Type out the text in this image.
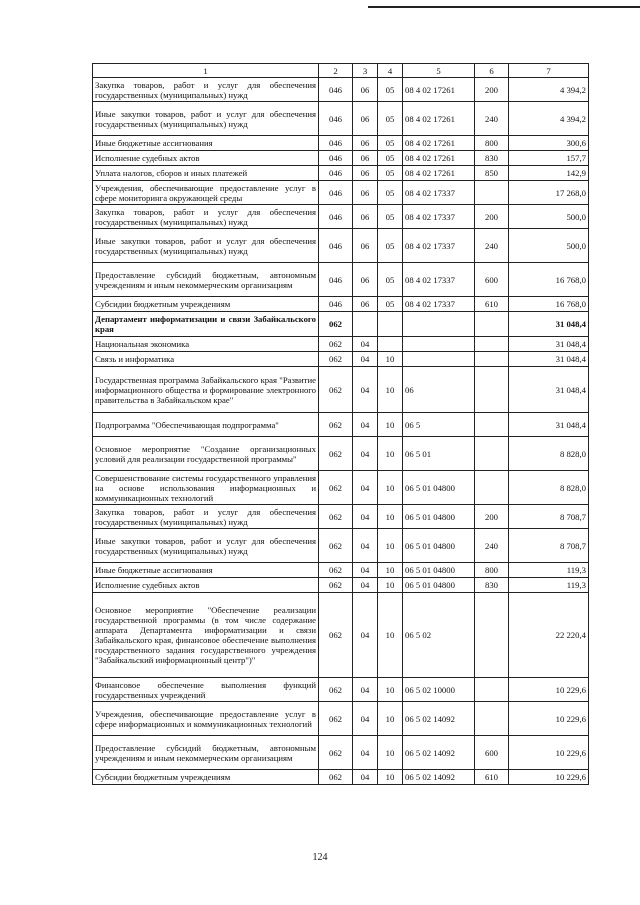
1	2	3	4	5	6	7
Закупка товаров, работ и услуг для обеспечения государственных (муниципальных) нужд	046	06	05	08 4 02 17261	200	4 394,2
Иные закупки товаров, работ и услуг для обеспечения государственных (муниципальных) нужд	046	06	05	08 4 02 17261	240	4 394,2
Иные бюджетные ассигнования	046	06	05	08 4 02 17261	800	300,6
Исполнение судебных актов	046	06	05	08 4 02 17261	830	157,7
Уплата налогов, сборов и иных платежей	046	06	05	08 4 02 17261	850	142,9
Учреждения, обеспечивающие предоставление услуг в сфере мониторинга окружающей среды	046	06	05	08 4 02 17337		17 268,0
Закупка товаров, работ и услуг для обеспечения государственных (муниципальных) нужд	046	06	05	08 4 02 17337	200	500,0
Иные закупки товаров, работ и услуг для обеспечения государственных (муниципальных) нужд	046	06	05	08 4 02 17337	240	500,0
Предоставление субсидий бюджетным, автономным учреждениям и иным некоммерческим организациям	046	06	05	08 4 02 17337	600	16 768,0
Субсидии бюджетным учреждениям	046	06	05	08 4 02 17337	610	16 768,0
Департамент информатизации и связи Забайкальского края	062					31 048,4
Национальная экономика	062	04				31 048,4
Связь и информатика	062	04	10			31 048,4
Государственная программа Забайкальского края "Развитие информационного общества и формирование электронного правительства в Забайкальском крае"	062	04	10	06		31 048,4
Подпрограмма "Обеспечивающая подпрограмма"	062	04	10	06 5		31 048,4
Основное мероприятие "Создание организационных условий для реализации государственной программы"	062	04	10	06 5 01		8 828,0
Совершенствование системы государственного управления на основе использования информационных и коммуникационных технологий	062	04	10	06 5 01 04800		8 828,0
Закупка товаров, работ и услуг для обеспечения государственных (муниципальных) нужд	062	04	10	06 5 01 04800	200	8 708,7
Иные закупки товаров, работ и услуг для обеспечения государственных (муниципальных) нужд	062	04	10	06 5 01 04800	240	8 708,7
Иные бюджетные ассигнования	062	04	10	06 5 01 04800	800	119,3
Исполнение судебных актов	062	04	10	06 5 01 04800	830	119,3
Основное мероприятие "Обеспечение реализации государственной программы (в том числе содержание аппарата Департамента информатизации и связи Забайкальского края, финансовое обеспечение выполнения государственного задания государственного учреждения "Забайкальский информационный центр")"	062	04	10	06 5 02		22 220,4
Финансовое обеспечение выполнения функций государственных учреждений	062	04	10	06 5 02 10000		10 229,6
Учреждения, обеспечивающие предоставление услуг в сфере информационных и коммуникационных технологий	062	04	10	06 5 02 14092		10 229,6
Предоставление субсидий бюджетным, автономным учреждениям и иным некоммерческим организациям	062	04	10	06 5 02 14092	600	10 229,6
Субсидии бюджетным учреждениям	062	04	10	06 5 02 14092	610	10 229,6
124
